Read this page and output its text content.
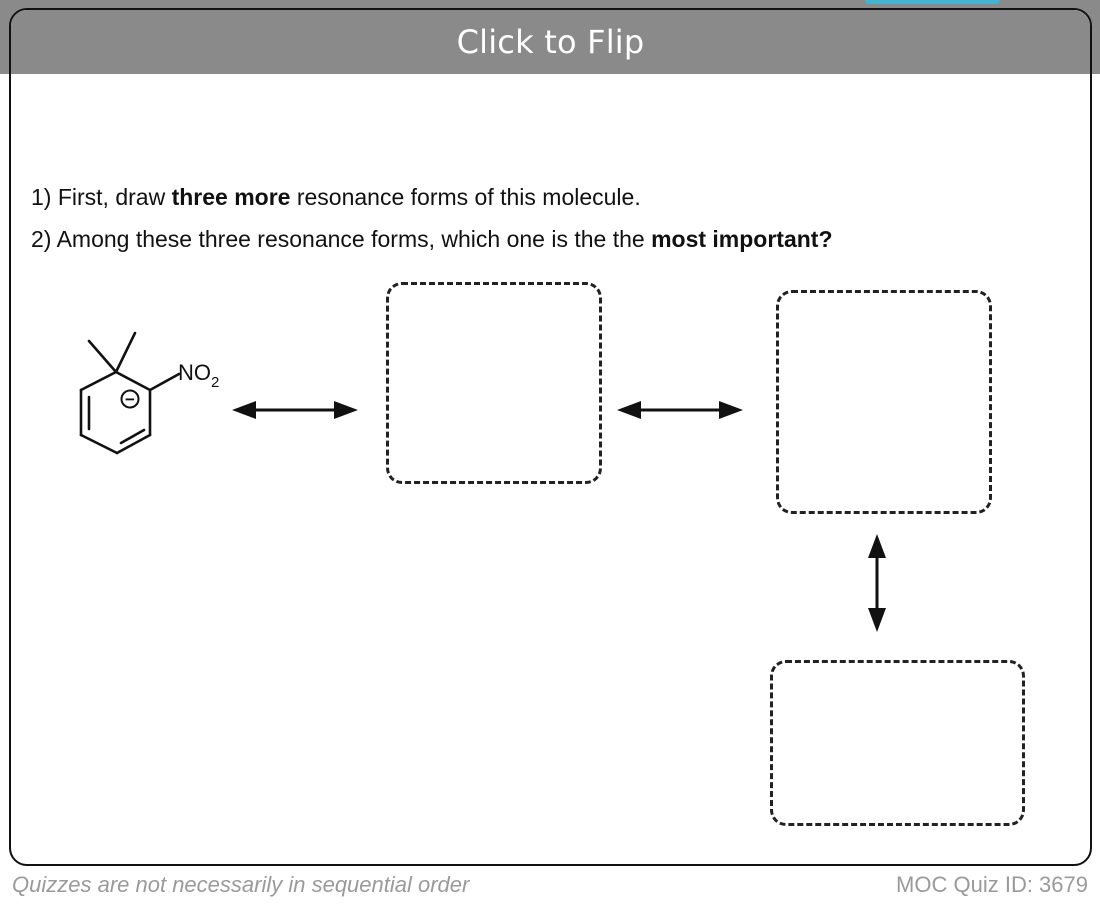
Click to Flip
1) First, draw three more resonance forms of this molecule.
2) Among these three resonance forms, which one is the the most important?
−
$NO_2$
Quizzes are not necessarily in sequential order	MOC Quiz ID: 3679
